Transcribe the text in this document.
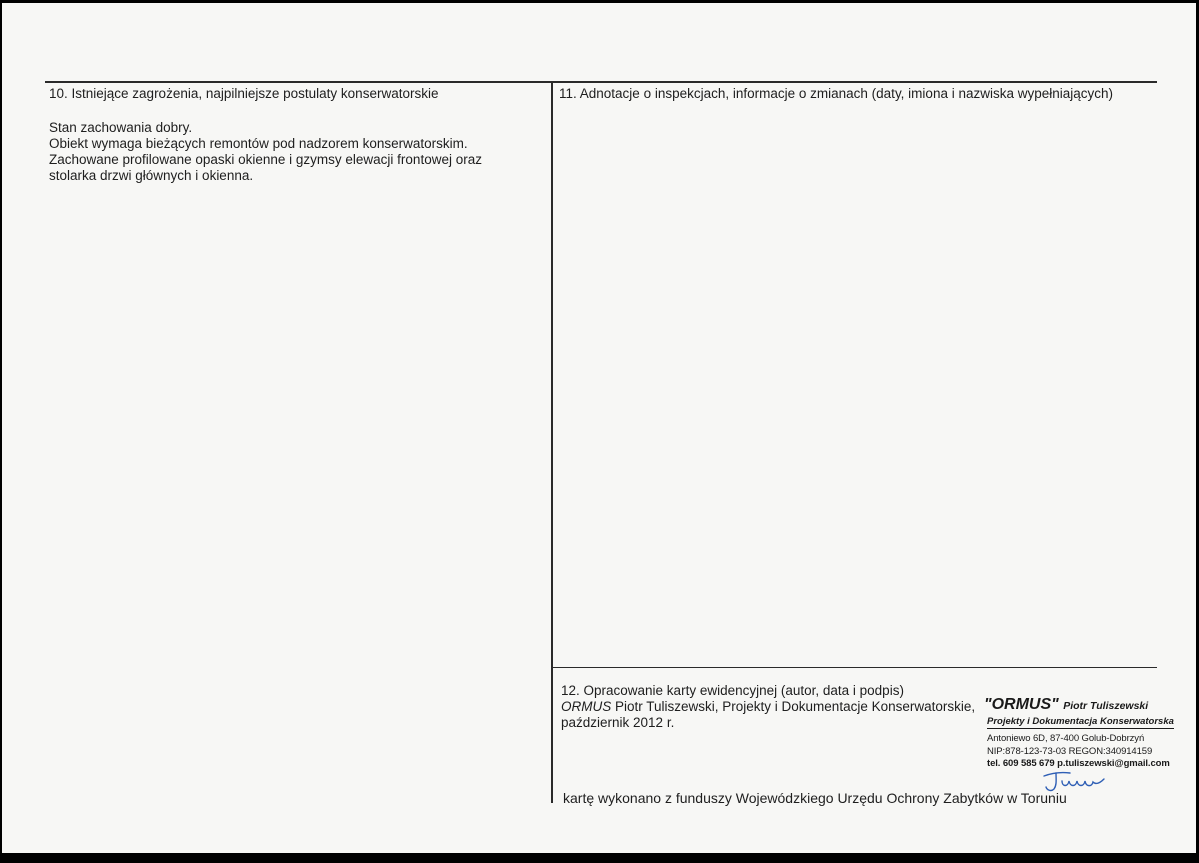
10. Istniejące zagrożenia, najpilniejsze postulaty konserwatorskie
Stan zachowania dobry.
Obiekt wymaga bieżących remontów pod nadzorem konserwatorskim.
Zachowane profilowane opaski okienne i gzymsy elewacji frontowej oraz
stolarka drzwi głównych i okienna.
11. Adnotacje o inspekcjach, informacje o zmianach (daty, imiona i nazwiska wypełniających)
12. Opracowanie karty ewidencyjnej (autor, data i podpis)
ORMUS Piotr Tuliszewski, Projekty i Dokumentacje Konserwatorskie,
październik 2012 r.
"ORMUS" Piotr Tuliszewski
Projekty i Dokumentacja Konserwatorska
Antoniewo 6D, 87-400 Golub-Dobrzyń
NIP:878-123-73-03 REGON:340914159
tel. 609 585 679 p.tuliszewski@gmail.com
kartę wykonano z funduszy Wojewódzkiego Urzędu Ochrony Zabytków w Toruniu
